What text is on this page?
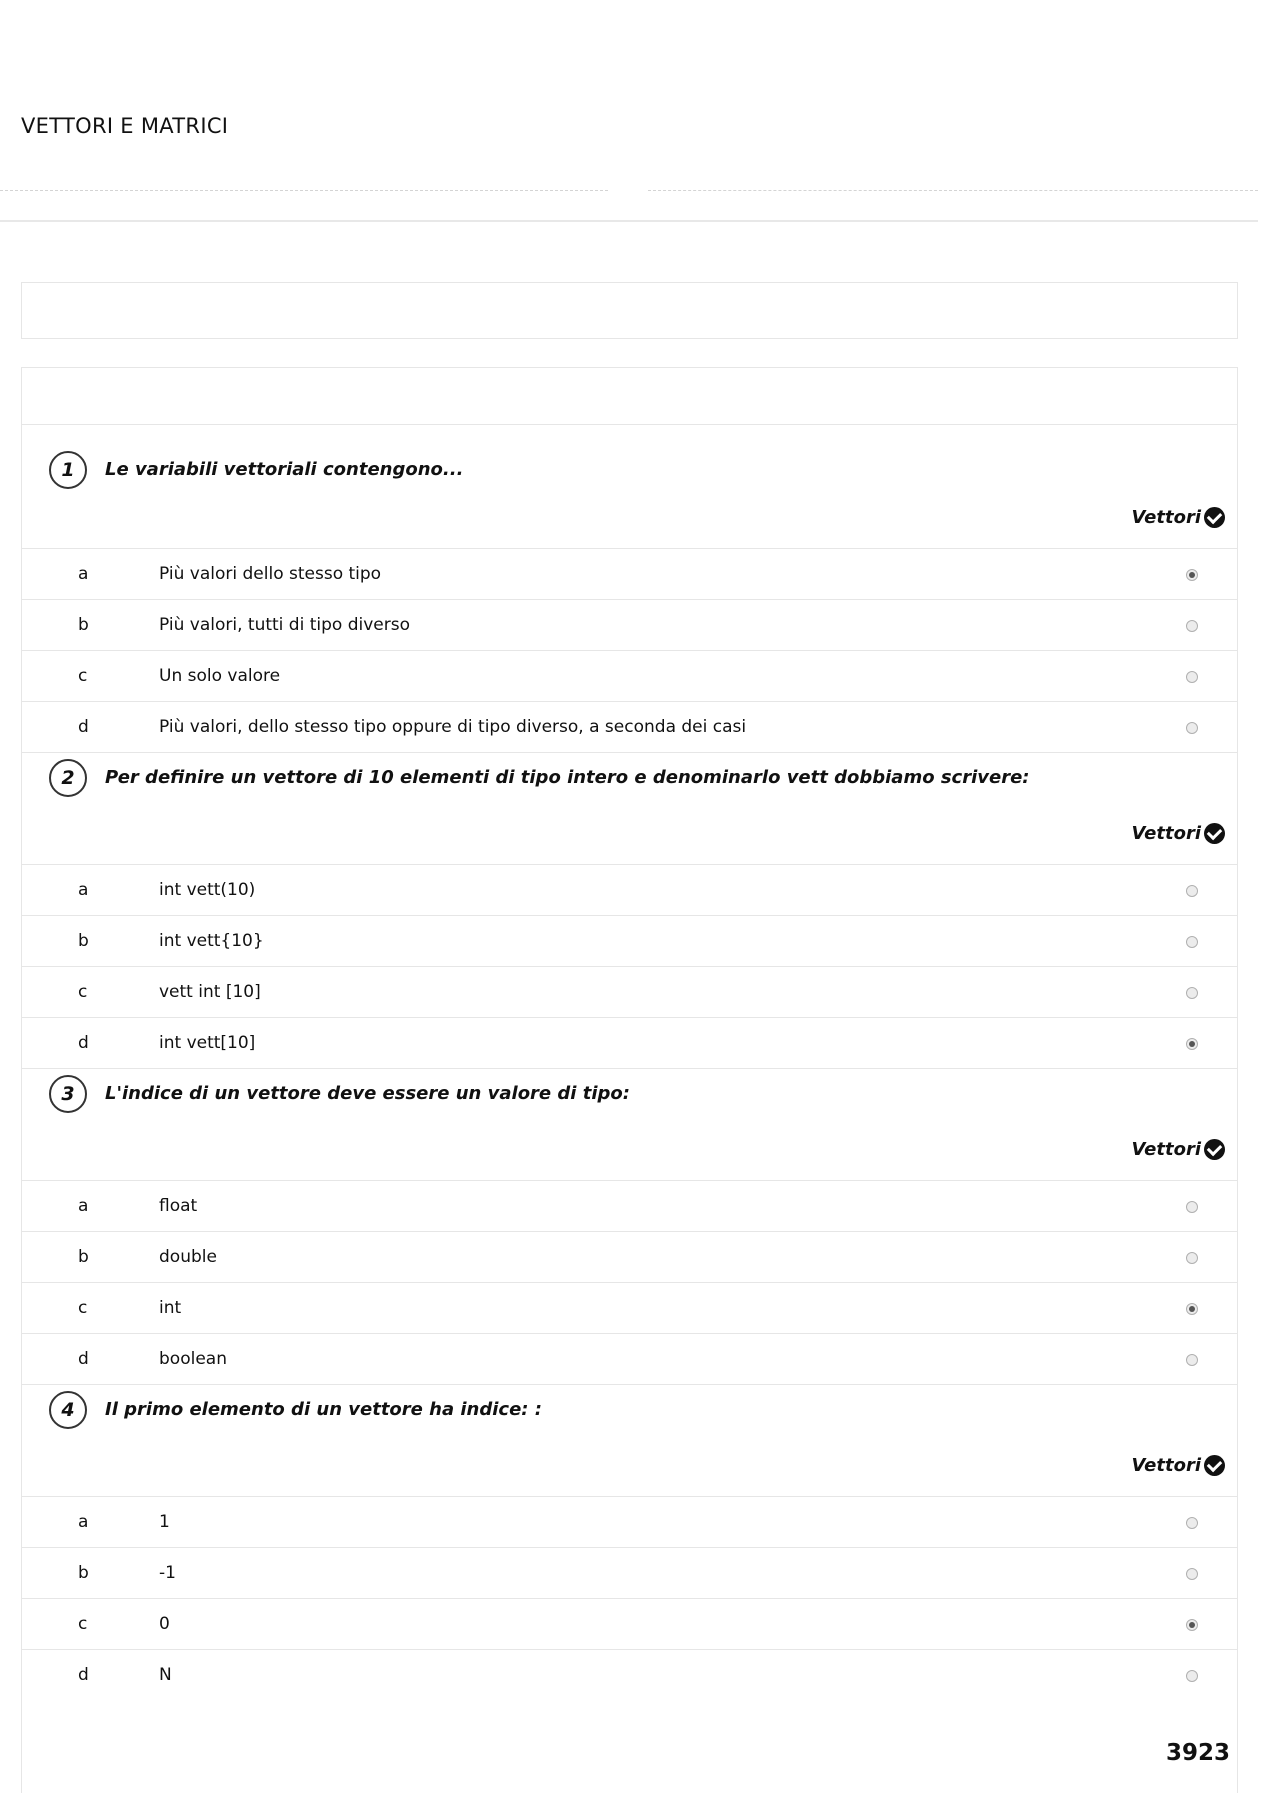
VETTORI E MATRICI
1	Le variabili vettoriali contengono...
Vettori
a	Più valori dello stesso tipo
b	Più valori, tutti di tipo diverso
c	Un solo valore
d	Più valori, dello stesso tipo oppure di tipo diverso, a seconda dei casi
2	Per definire un vettore di 10 elementi di tipo intero e denominarlo vett dobbiamo scrivere:
Vettori
a	int vett(10)
b	int vett{10}
c	vett int [10]
d	int vett[10]
3	L'indice di un vettore deve essere un valore di tipo:
Vettori
a	float
b	double
c	int
d	boolean
4	Il primo elemento di un vettore ha indice: :
Vettori
a	1
b	-1
c	0
d	N
3923
